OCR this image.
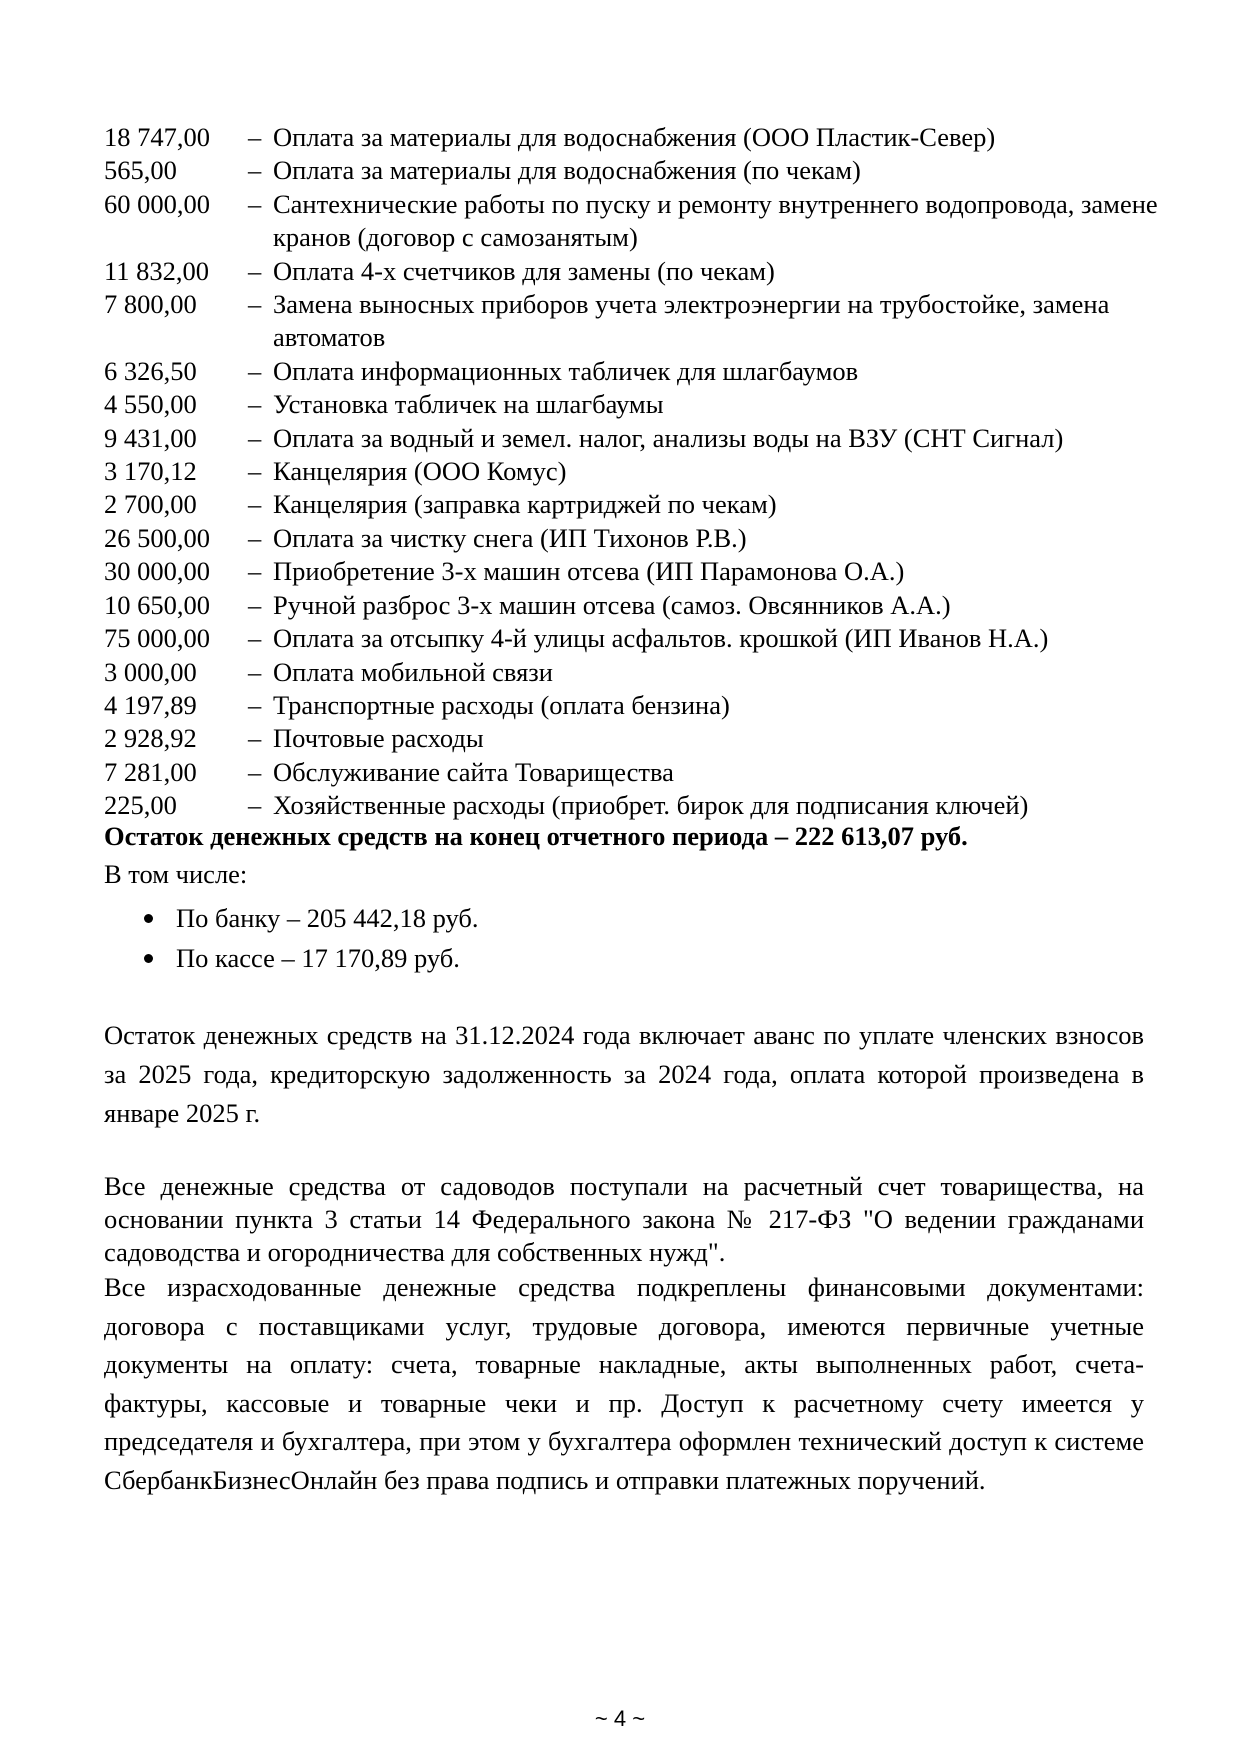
18 747,00	– Оплата за материалы для водоснабжения (ООО Пластик-Север)
565,00	– Оплата за материалы для водоснабжения (по чекам)
60 000,00	– Сантехнические работы по пуску и ремонту внутреннего водопровода, замене кранов (договор с самозанятым)
11 832,00	– Оплата 4-х счетчиков для замены (по чекам)
7 800,00	– Замена выносных приборов учета электроэнергии на трубостойке, замена автоматов
6 326,50	– Оплата информационных табличек для шлагбаумов
4 550,00	– Установка табличек на шлагбаумы
9 431,00	– Оплата за водный и земел. налог, анализы воды на ВЗУ (СНТ Сигнал)
3 170,12	– Канцелярия (ООО Комус)
2 700,00	– Канцелярия (заправка картриджей по чекам)
26 500,00	– Оплата за чистку снега (ИП Тихонов Р.В.)
30 000,00	– Приобретение 3-х машин отсева (ИП Парамонова О.А.)
10 650,00	– Ручной разброс 3-х машин отсева (самоз. Овсянников А.А.)
75 000,00	– Оплата за отсыпку 4-й улицы асфальтов. крошкой (ИП Иванов Н.А.)
3 000,00	– Оплата мобильной связи
4 197,89	– Транспортные расходы (оплата бензина)
2 928,92	– Почтовые расходы
7 281,00	– Обслуживание сайта Товарищества
225,00	– Хозяйственные расходы (приобрет. бирок для подписания ключей)
Остаток денежных средств на конец отчетного периода – 222 613,07 руб.
В том числе:
По банку – 205 442,18 руб.
По кассе – 17 170,89 руб.
Остаток денежных средств на 31.12.2024 года включает аванс по уплате членских взносов за 2025 года, кредиторскую задолженность за 2024 года, оплата которой произведена в январе 2025 г.
Все денежные средства от садоводов поступали на расчетный счет товарищества, на основании пункта 3 статьи 14 Федерального закона № 217-ФЗ "О ведении гражданами садоводства и огородничества для собственных нужд".
Все израсходованные денежные средства подкреплены финансовыми документами: договора с поставщиками услуг, трудовые договора, имеются первичные учетные документы на оплату: счета, товарные накладные, акты выполненных работ, счета-фактуры, кассовые и товарные чеки и пр. Доступ к расчетному счету имеется у председателя и бухгалтера, при этом у бухгалтера оформлен технический доступ к системе СбербанкБизнесОнлайн без права подпись и отправки платежных поручений.
~ 4 ~
